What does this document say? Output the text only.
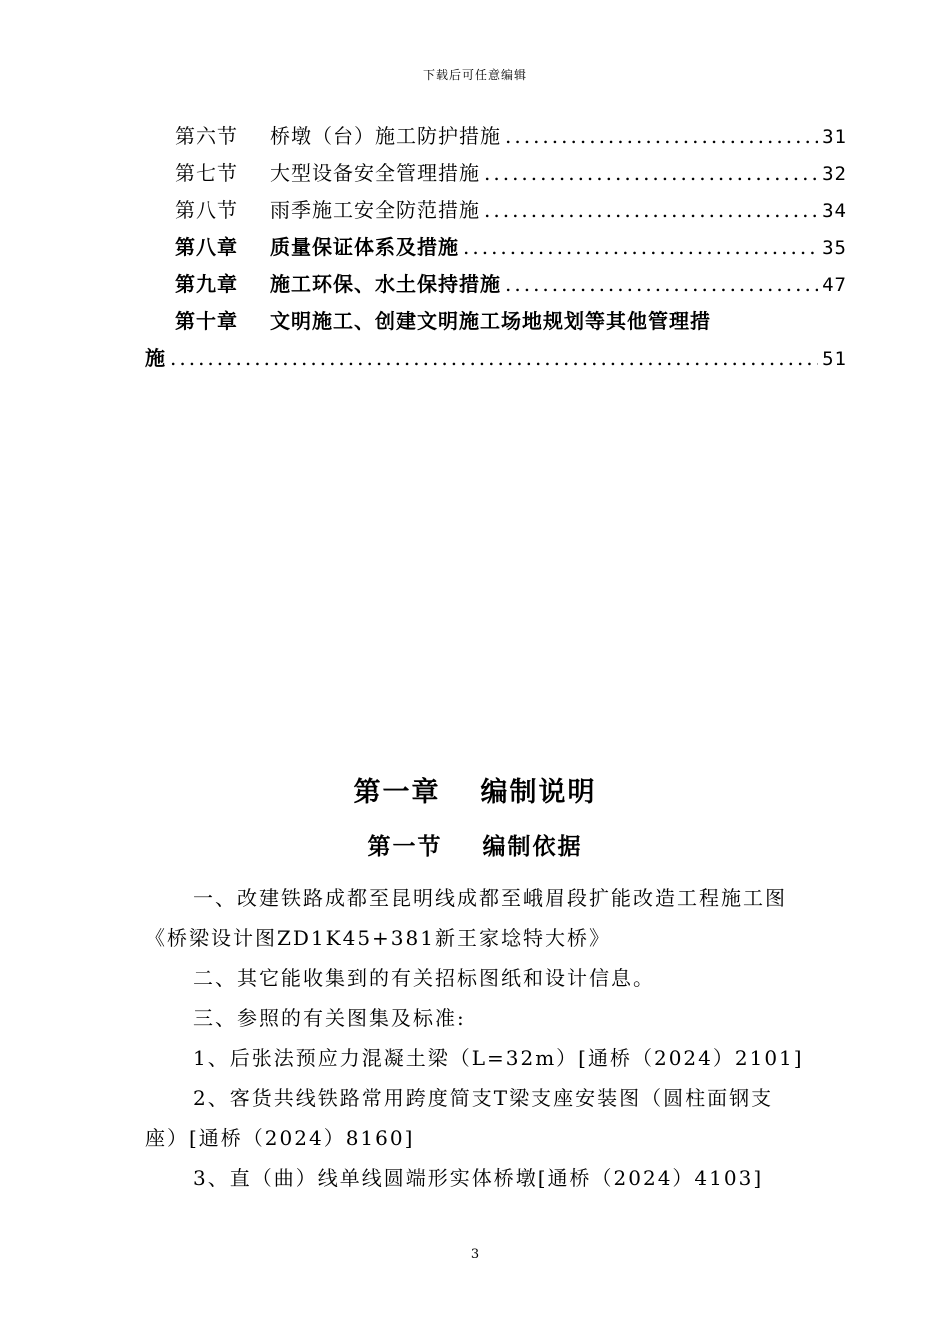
下载后可任意编辑
第六节	桥墩（台）施工防护措施 .....	31
第七节	大型设备安全管理措施 .....	32
第八节	雨季施工安全防范措施 .....	34
第八章	质量保证体系及措施 .....	35
第九章	施工环保、水土保持措施 .....	47
第十章	文明施工、创建文明施工场地规划等其他管理措
施 .....	51
第一章 编制说明
第一节 编制依据

一、改建铁路成都至昆明线成都至峨眉段扩能改造工程施工图《桥梁设计图ZD1K45+381新王家埝特大桥》

二、其它能收集到的有关招标图纸和设计信息。

三、参照的有关图集及标准:

1、后张法预应力混凝土梁（L=32m）[通桥（2024）2101]

2、客货共线铁路常用跨度简支T梁支座安装图（圆柱面钢支座）[通桥（2024）8160]

3、直（曲）线单线圆端形实体桥墩[通桥（2024）4103]

3
